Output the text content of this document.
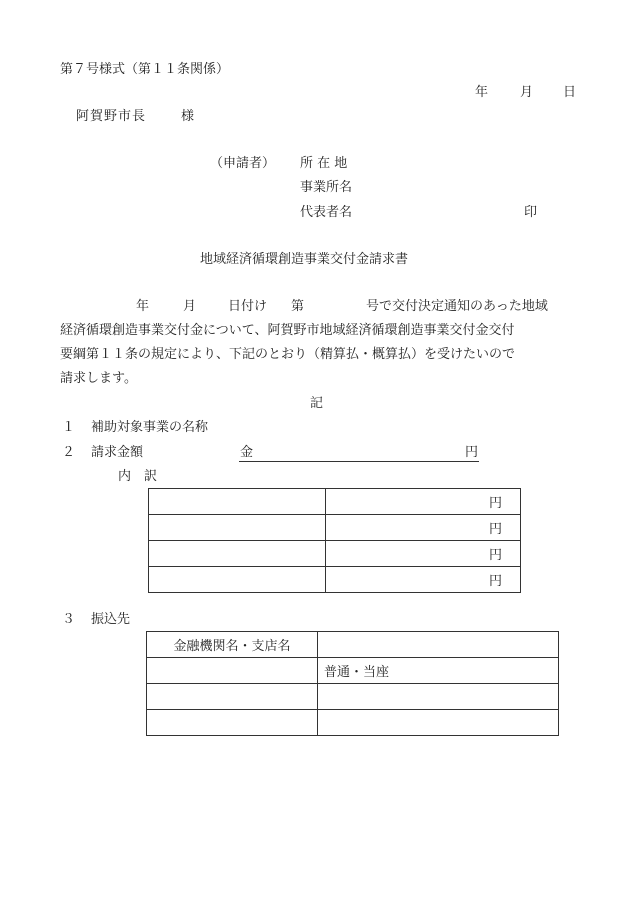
第７号様式（第１１条関係）
年 月 日
阿賀野市長	様
（申請者） 所 在 地
事業所名
代表者名	印
地域経済循環創造事業交付金請求書
年	月 日付け 第	号で交付決定通知のあった地域
経済循環創造事業交付金について、阿賀野市地域経済循環創造事業交付金交付
要綱第１１条の規定により、下記のとおり（精算払・概算払）を受けたいので
請求します。
記
１ 補助対象事業の名称
２ 請求金額	金	円
内　訳
	円
	円
	円
	円
３ 振込先
金融機関名・支店名	
	普通・当座
